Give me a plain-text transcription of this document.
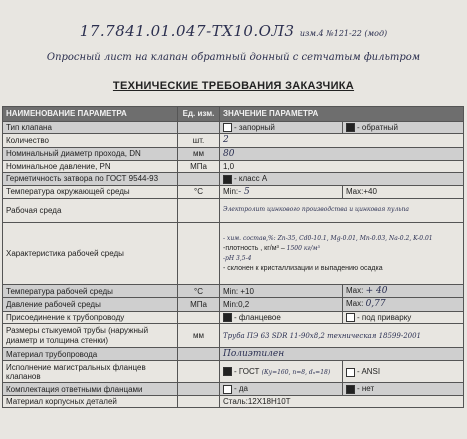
17.7841.01.047-ТХ10.ОЛ3 изм.4 №121-22 (мод)
Опросный лист на клапан обратный донный с сетчатым фильтром
ТЕХНИЧЕСКИЕ ТРЕБОВАНИЯ ЗАКАЗЧИКА
НАИМЕНОВАНИЕ ПАРАМЕТРА	Ед. изм.	ЗНАЧЕНИЕ ПАРАМЕТРА	
Тип клапана		- запорный	- обратный
Количество	шт.	2	
Номинальный диаметр прохода, DN	мм	80	
Номинальное давление, PN	МПа	1,0	
Герметичность затвора по ГОСТ 9544-93		- класс А	
Температура окружающей среды	°C	Min:- 5	Max:+40
Рабочая среда		Электролит цинкового производства и цинковая пульпа	
Характеристика рабочей среды		- хим. состав,%: Zn-35, Cd0-10.1, Mg-0.01, Mn-0.03, Na-0.2, K-0.01
-плотность , кг/м³ – 1500 кг/м³
-pH 3,5-4
- склонен к кристаллизации и выпадению осадка	

Температура рабочей среды	°C	Min: +10	Max: + 40
Давление рабочей среды	МПа	Min:0,2	Max: 0,77
Присоединение к трубопроводу		- фланцевое	- под приварку
Размеры стыкуемой трубы (наружный диаметр и толщина стенки)	мм	Труба ПЭ 63 SDR 11-90х8,2 техническая 18599-2001	
Материал трубопровода		Полиэтилен	
Исполнение магистральных фланцев клапанов		- ГОСТ (Ку=160, n=8, dₙ=18)	- ANSI
Комплектация ответными фланцами		- да	- нет
Материал корпусных деталей		Сталь:12Х18Н10Т	
